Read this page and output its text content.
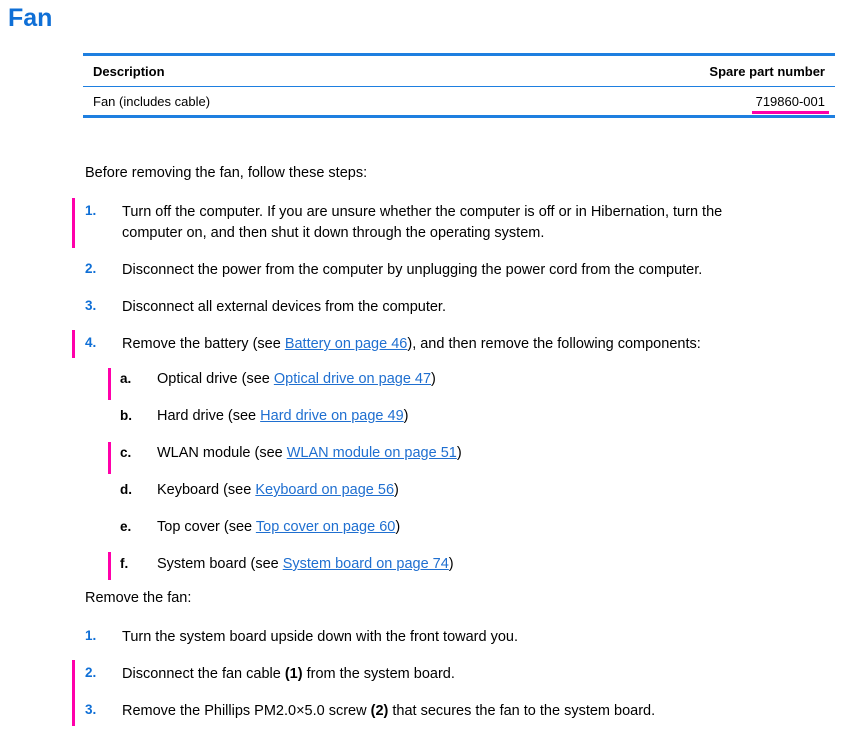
Fan
Description	Spare part number
Fan (includes cable)	719860-001
Before removing the fan, follow these steps:
1.	Turn off the computer. If you are unsure whether the computer is off or in Hibernation, turn the computer on, and then shut it down through the operating system.
2.	Disconnect the power from the computer by unplugging the power cord from the computer.
3.	Disconnect all external devices from the computer.
4.	Remove the battery (see Battery on page 46), and then remove the following components:
a.	Optical drive (see Optical drive on page 47)
b.	Hard drive (see Hard drive on page 49)
c.	WLAN module (see WLAN module on page 51)
d.	Keyboard (see Keyboard on page 56)
e.	Top cover (see Top cover on page 60)
f.	System board (see System board on page 74)
Remove the fan:
1.	Turn the system board upside down with the front toward you.
2.	Disconnect the fan cable (1) from the system board.
3.	Remove the Phillips PM2.0×5.0 screw (2) that secures the fan to the system board.
